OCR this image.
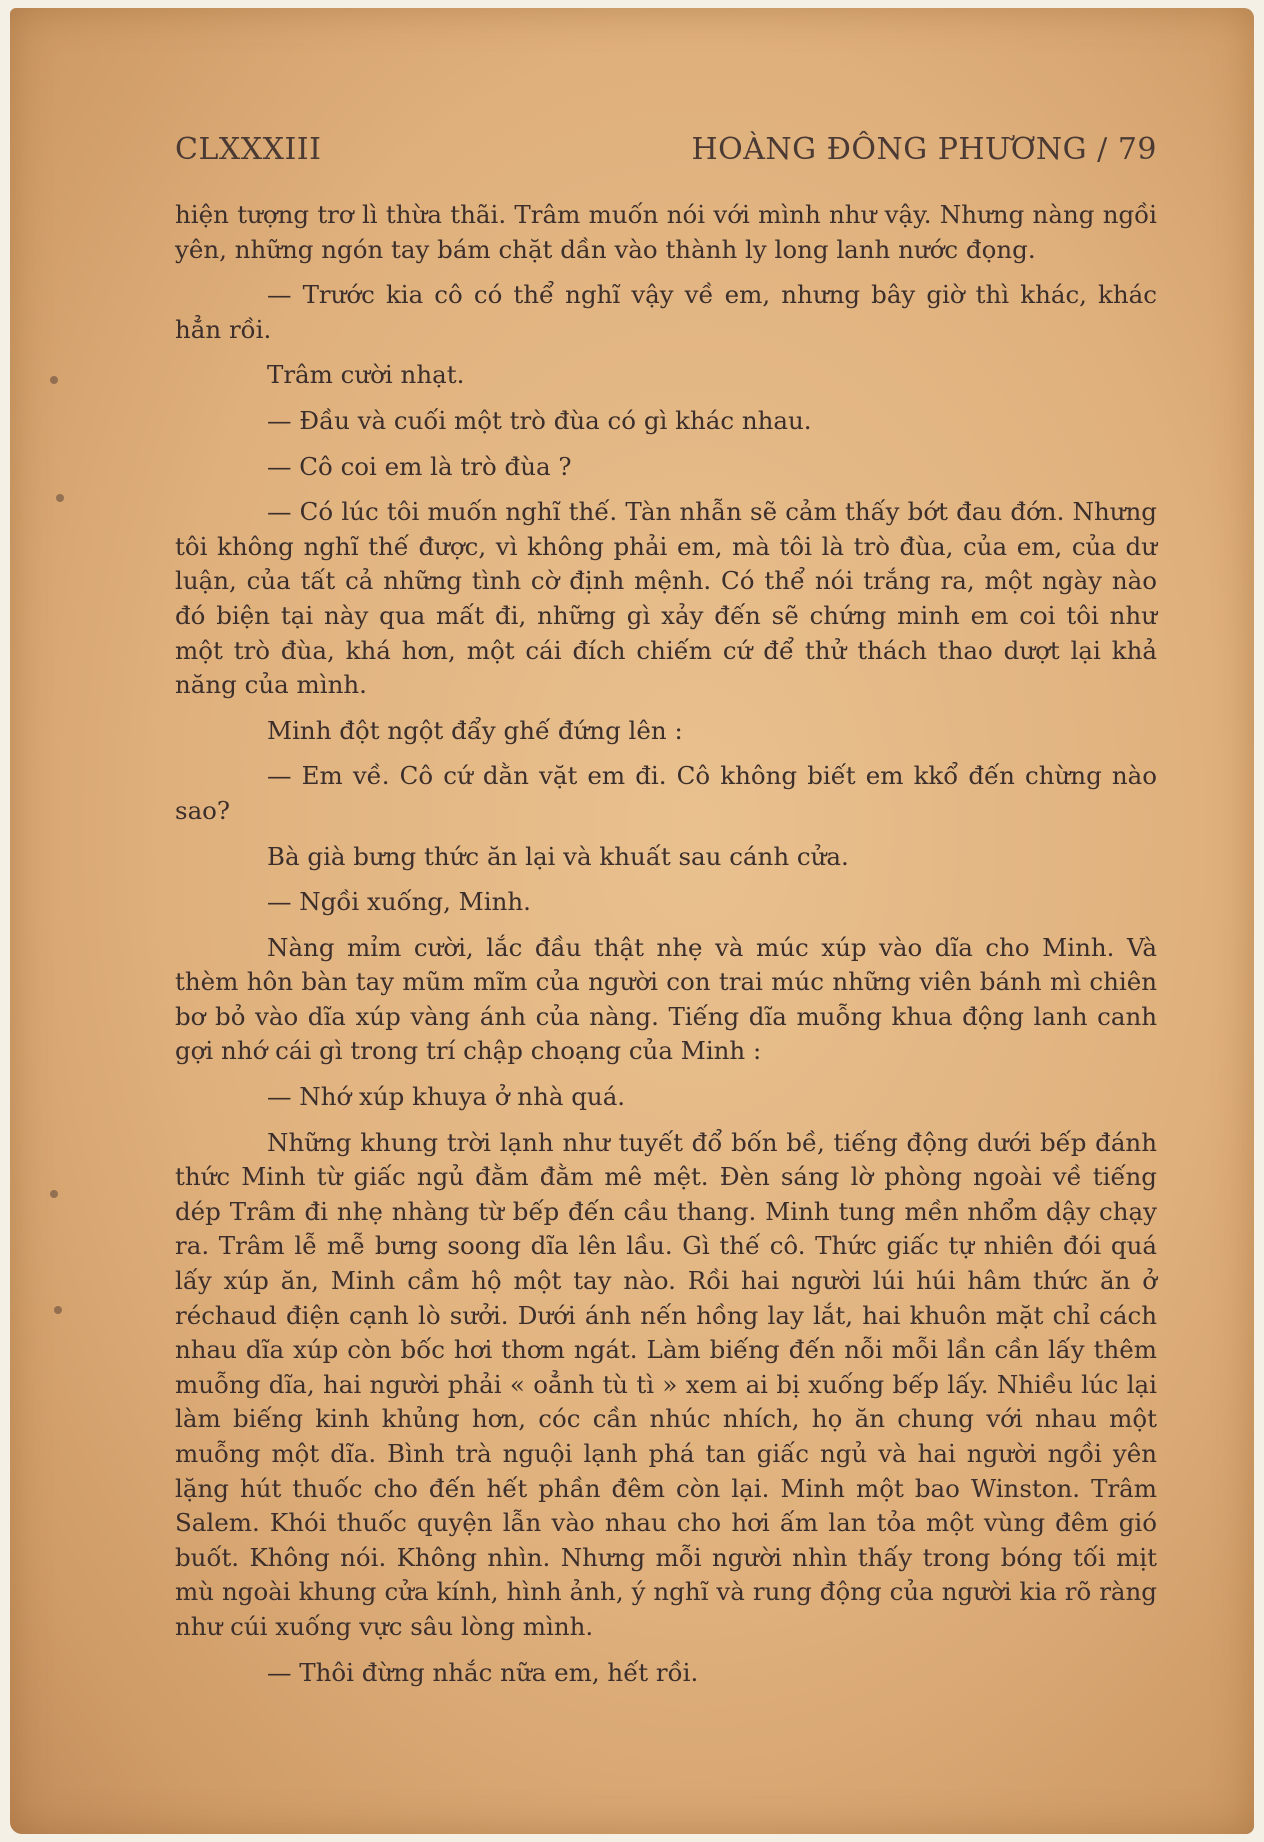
CLXXXIII	HOÀNG ĐÔNG PHƯƠNG / 79

hiện tượng trơ lì thừa thãi. Trâm muốn nói với mình như vậy. Nhưng nàng ngồi yên, những ngón tay bám chặt dần vào thành ly long lanh nước đọng.

— Trước kia cô có thể nghĩ vậy về em, nhưng bây giờ thì khác, khác hẳn rồi.

Trâm cười nhạt.

— Đầu và cuối một trò đùa có gì khác nhau.

— Cô coi em là trò đùa ?

— Có lúc tôi muốn nghĩ thế. Tàn nhẫn sẽ cảm thấy bớt đau đớn. Nhưng tôi không nghĩ thế được, vì không phải em, mà tôi là trò đùa, của em, của dư luận, của tất cả những tình cờ định mệnh. Có thể nói trắng ra, một ngày nào đó biện tại này qua mất đi, những gì xảy đến sẽ chứng minh em coi tôi như một trò đùa, khá hơn, một cái đích chiếm cứ để thử thách thao dượt lại khả năng của mình.

Minh đột ngột đẩy ghế đứng lên :

— Em về. Cô cứ dằn vặt em đi. Cô không biết em kkổ đến chừng nào sao?

Bà già bưng thức ăn lại và khuất sau cánh cửa.

— Ngồi xuống, Minh.

Nàng mỉm cười, lắc đầu thật nhẹ và múc xúp vào dĩa cho Minh. Và thèm hôn bàn tay mũm mĩm của người con trai múc những viên bánh mì chiên bơ bỏ vào dĩa xúp vàng ánh của nàng. Tiếng dĩa muỗng khua động lanh canh gợi nhớ cái gì trong trí chập choạng của Minh :

— Nhớ xúp khuya ở nhà quá.

Những khung trời lạnh như tuyết đổ bốn bề, tiếng động dưới bếp đánh thức Minh từ giấc ngủ đằm đằm mê mệt. Đèn sáng lờ phòng ngoài về tiếng dép Trâm đi nhẹ nhàng từ bếp đến cầu thang. Minh tung mền nhổm dậy chạy ra. Trâm lễ mễ bưng soong dĩa lên lầu. Gì thế cô. Thức giấc tự nhiên đói quá lấy xúp ăn, Minh cầm hộ một tay nào. Rồi hai người lúi húi hâm thức ăn ở réchaud điện cạnh lò sưởi. Dưới ánh nến hồng lay lắt, hai khuôn mặt chỉ cách nhau dĩa xúp còn bốc hơi thơm ngát. Làm biếng đến nỗi mỗi lần cần lấy thêm muỗng dĩa, hai người phải « oẳnh tù tì » xem ai bị xuống bếp lấy. Nhiều lúc lại làm biếng kinh khủng hơn, cóc cần nhúc nhích, họ ăn chung với nhau một muỗng một dĩa. Bình trà nguội lạnh phá tan giấc ngủ và hai người ngồi yên lặng hút thuốc cho đến hết phần đêm còn lại. Minh một bao Winston. Trâm Salem. Khói thuốc quyện lẫn vào nhau cho hơi ấm lan tỏa một vùng đêm gió buốt. Không nói. Không nhìn. Nhưng mỗi người nhìn thấy trong bóng tối mịt mù ngoài khung cửa kính, hình ảnh, ý nghĩ và rung động của người kia rõ ràng như cúi xuống vực sâu lòng mình.

— Thôi đừng nhắc nữa em, hết rồi.
